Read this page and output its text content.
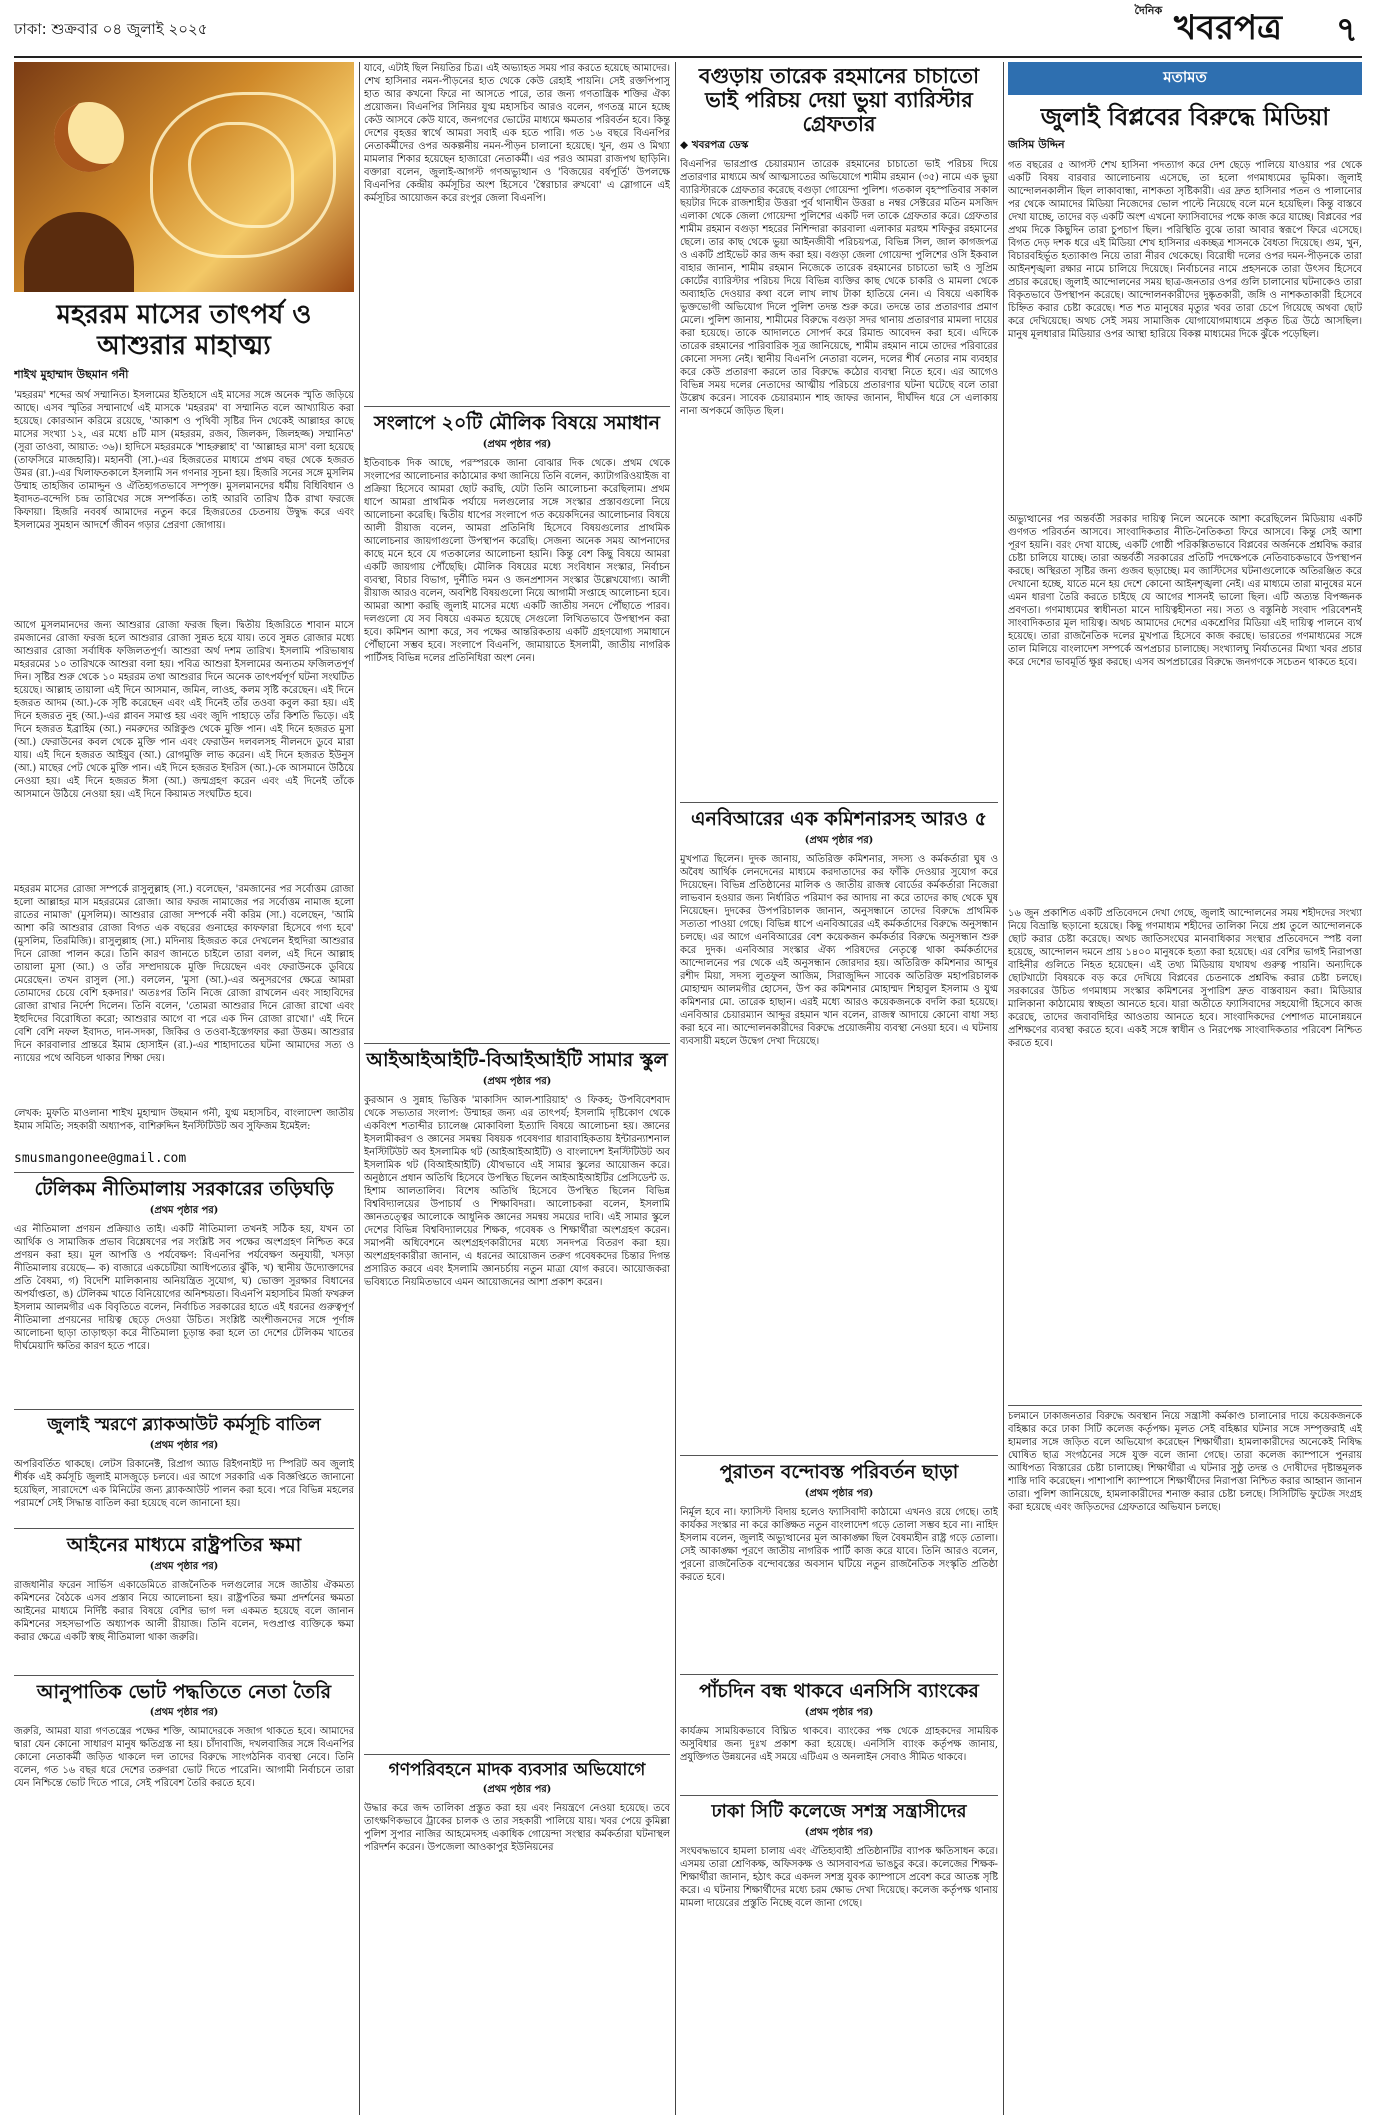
ঢাকা: শুক্রবার ০৪ জুলাই ২০২৫
$^{দৈনিক}$ খবরপত্র ৭
মহররম মাসের তাৎপর্য ও আশুরার মাহাত্ম্য
শাইখ মুহাম্মাদ উছমান গনী

'মহররম' শব্দের অর্থ সম্মানিত। ইসলামের ইতিহাসে এই মাসের সঙ্গে অনেক স্মৃতি জড়িয়ে আছে। এসব স্মৃতির সম্মানার্থে এই মাসকে 'মহররম' বা সম্মানিত বলে আখ্যায়িত করা হয়েছে। কোরআন করিমে রয়েছে, 'আকাশ ও পৃথিবী সৃষ্টির দিন থেকেই আল্লাহর কাছে মাসের সংখ্যা ১২, এর মধ্যে ৪টি মাস (মহররম, রজব, জিলকদ, জিলহজ্জ) সম্মানিত' (সুরা তাওবা, আয়াত: ৩৬)। হাদিসে মহররমকে 'শাহরুল্লাহ' বা 'আল্লাহর মাস' বলা হয়েছে (তাফসিরে মাজহারি)। মহানবী (সা.)-এর হিজরতের মাধ্যমে প্রথম বছর থেকে হজরত উমর (রা.)-এর খিলাফতকালে ইসলামি সন গণনার সূচনা হয়। হিজরি সনের সঙ্গে মুসলিম উম্মাহ তাহজিব তামাদ্দুন ও ঐতিহ্যগতভাবে সম্পৃক্ত। মুসলমানদের ধর্মীয় বিধিবিধান ও ইবাদত-বন্দেগি চন্দ্র তারিখের সঙ্গে সম্পর্কিত। তাই আরবি তারিখ ঠিক রাখা ফরজে কিফায়া। হিজরি নববর্ষ আমাদের নতুন করে হিজরতের চেতনায় উদ্বুদ্ধ করে এবং ইসলামের সুমহান আদর্শে জীবন গড়ার প্রেরণা জোগায়।

আগে মুসলমানদের জন্য আশুরার রোজা ফরজ ছিল। দ্বিতীয় হিজরিতে শাবান মাসে রমজানের রোজা ফরজ হলে আশুরার রোজা সুন্নত হয়ে যায়। তবে সুন্নত রোজার মধ্যে আশুরার রোজা সর্বাধিক ফজিলতপূর্ণ। আশুরা অর্থ দশম তারিখ। ইসলামি পরিভাষায় মহররমের ১০ তারিখকে আশুরা বলা হয়। পবিত্র আশুরা ইসলামের অন্যতম ফজিলতপূর্ণ দিন। সৃষ্টির শুরু থেকে ১০ মহররম তথা আশুরার দিনে অনেক তাৎপর্যপূর্ণ ঘটনা সংঘটিত হয়েছে। আল্লাহ তায়ালা এই দিনে আসমান, জমিন, লাওহ, কলম সৃষ্টি করেছেন। এই দিনে হজরত আদম (আ.)-কে সৃষ্টি করেছেন এবং এই দিনেই তাঁর তওবা কবুল করা হয়। এই দিনে হজরত নুহ (আ.)-এর প্লাবন সমাপ্ত হয় এবং জুদি পাহাড়ে তাঁর কিশতি ভিড়ে। এই দিনে হজরত ইব্রাহিম (আ.) নমরুদের অগ্নিকুণ্ড থেকে মুক্তি পান। এই দিনে হজরত মুসা (আ.) ফেরাউনের কবল থেকে মুক্তি পান এবং ফেরাউন দলবলসহ নীলনদে ডুবে মারা যায়। এই দিনে হজরত আইয়ুব (আ.) রোগমুক্তি লাভ করেন। এই দিনে হজরত ইউনুস (আ.) মাছের পেট থেকে মুক্তি পান। এই দিনে হজরত ইদরিস (আ.)-কে আসমানে উঠিয়ে নেওয়া হয়। এই দিনে হজরত ঈসা (আ.) জন্মগ্রহণ করেন এবং এই দিনেই তাঁকে আসমানে উঠিয়ে নেওয়া হয়। এই দিনে কিয়ামত সংঘটিত হবে।

মহররম মাসের রোজা সম্পর্কে রাসুলুল্লাহ (সা.) বলেছেন, 'রমজানের পর সর্বোত্তম রোজা হলো আল্লাহর মাস মহররমের রোজা। আর ফরজ নামাজের পর সর্বোত্তম নামাজ হলো রাতের নামাজ' (মুসলিম)। আশুরার রোজা সম্পর্কে নবী করিম (সা.) বলেছেন, 'আমি আশা করি আশুরার রোজা বিগত এক বছরের গুনাহের কাফফারা হিসেবে গণ্য হবে' (মুসলিম, তিরমিজি)। রাসুলুল্লাহ (সা.) মদিনায় হিজরত করে দেখলেন ইহুদিরা আশুরার দিনে রোজা পালন করে। তিনি কারণ জানতে চাইলে তারা বলল, এই দিনে আল্লাহ তায়ালা মুসা (আ.) ও তাঁর সম্প্রদায়কে মুক্তি দিয়েছেন এবং ফেরাউনকে ডুবিয়ে মেরেছেন। তখন রাসুল (সা.) বললেন, 'মুসা (আ.)-এর অনুসরণের ক্ষেত্রে আমরা তোমাদের চেয়ে বেশি হকদার।' অতঃপর তিনি নিজে রোজা রাখলেন এবং সাহাবিদের রোজা রাখার নির্দেশ দিলেন। তিনি বলেন, 'তোমরা আশুরার দিনে রোজা রাখো এবং ইহুদিদের বিরোধিতা করো; আশুরার আগে বা পরে এক দিন রোজা রাখো।' এই দিনে বেশি বেশি নফল ইবাদত, দান-সদকা, জিকির ও তওবা-ইস্তেগফার করা উত্তম। আশুরার দিনে কারবালার প্রান্তরে ইমাম হোসাইন (রা.)-এর শাহাদাতের ঘটনা আমাদের সত্য ও ন্যায়ের পথে অবিচল থাকার শিক্ষা দেয়।

লেখক: মুফতি মাওলানা শাইখ মুহাম্মাদ উছমান গনী, যুগ্ম মহাসচিব, বাংলাদেশ জাতীয় ইমাম সমিতি; সহকারী অধ্যাপক, বাশিরুদ্দিন ইনস্টিটিউট অব সুফিজম ইমেইল:

smusmangonee@gmail.com
টেলিকম নীতিমালায় সরকারের তড়িঘড়ি
(প্রথম পৃষ্ঠার পর)

এর নীতিমালা প্রণয়ন প্রক্রিয়াও তাই। একটি নীতিমালা তখনই সঠিক হয়, যখন তা আর্থিক ও সামাজিক প্রভাব বিশ্লেষণের পর সংশ্লিষ্ট সব পক্ষের অংশগ্রহণ নিশ্চিত করে প্রণয়ন করা হয়। মূল আপত্তি ও পর্যবেক্ষণ: বিএনপির পর্যবেক্ষণ অনুযায়ী, খসড়া নীতিমালায় রয়েছে— ক) বাজারে একচেটিয়া আধিপত্যের ঝুঁকি, খ) স্থানীয় উদ্যোক্তাদের প্রতি বৈষম্য, গ) বিদেশি মালিকানায় অনিয়ন্ত্রিত সুযোগ, ঘ) ভোক্তা সুরক্ষার বিধানের অপর্যাপ্ততা, ঙ) টেলিকম খাতে বিনিয়োগের অনিশ্চয়তা। বিএনপি মহাসচিব মির্জা ফখরুল ইসলাম আলমগীর এক বিবৃতিতে বলেন, নির্বাচিত সরকারের হাতে এই ধরনের গুরুত্বপূর্ণ নীতিমালা প্রণয়নের দায়িত্ব ছেড়ে দেওয়া উচিত। সংশ্লিষ্ট অংশীজনদের সঙ্গে পূর্ণাঙ্গ আলোচনা ছাড়া তাড়াহুড়া করে নীতিমালা চূড়ান্ত করা হলে তা দেশের টেলিকম খাতের দীর্ঘমেয়াদি ক্ষতির কারণ হতে পারে।

জুলাই স্মরণে ব্ল্যাকআউট কর্মসূচি বাতিল
(প্রথম পৃষ্ঠার পর)

অপরিবর্তিত থাকছে। লেটস রিকানেক্ট, রিপ্রাগ অ্যাড রিইগনাইট দ্য স্পিরিট অব জুলাই শীর্ষক এই কর্মসূচি জুলাই মাসজুড়ে চলবে। এর আগে সরকারি এক বিজ্ঞপ্তিতে জানানো হয়েছিল, সারাদেশে এক মিনিটের জন্য ব্ল্যাকআউট পালন করা হবে। পরে বিভিন্ন মহলের পরামর্শে সেই সিদ্ধান্ত বাতিল করা হয়েছে বলে জানানো হয়।

আইনের মাধ্যমে রাষ্ট্রপতির ক্ষমা
(প্রথম পৃষ্ঠার পর)

রাজধানীর ফরেন সার্ভিস একাডেমিতে রাজনৈতিক দলগুলোর সঙ্গে জাতীয় ঐকমত্য কমিশনের বৈঠকে এসব প্রস্তাব নিয়ে আলোচনা হয়। রাষ্ট্রপতির ক্ষমা প্রদর্শনের ক্ষমতা আইনের মাধ্যমে নির্দিষ্ট করার বিষয়ে বেশির ভাগ দল একমত হয়েছে বলে জানান কমিশনের সহসভাপতি অধ্যাপক আলী রীয়াজ। তিনি বলেন, দণ্ডপ্রাপ্ত ব্যক্তিকে ক্ষমা করার ক্ষেত্রে একটি স্বচ্ছ নীতিমালা থাকা জরুরি।

আনুপাতিক ভোট পদ্ধতিতে নেতা তৈরি
(প্রথম পৃষ্ঠার পর)

জরুরি, আমরা যারা গণতন্ত্রের পক্ষের শক্তি, আমাদেরকে সজাগ থাকতে হবে। আমাদের দ্বারা যেন কোনো সাধারণ মানুষ ক্ষতিগ্রস্ত না হয়। চাঁদাবাজি, দখলবাজির সঙ্গে বিএনপির কোনো নেতাকর্মী জড়িত থাকলে দল তাদের বিরুদ্ধে সাংগঠনিক ব্যবস্থা নেবে। তিনি বলেন, গত ১৬ বছর ধরে দেশের তরুণরা ভোট দিতে পারেনি। আগামী নির্বাচনে তারা যেন নিশ্চিন্তে ভোট দিতে পারে, সেই পরিবেশ তৈরি করতে হবে।

যাবে, এটাই ছিল নিয়তির চিত্র। এই অভ্যাহত সময় পার করতে হয়েছে আমাদের। শেখ হাসিনার নমন-পীড়নের হাত থেকে কেউ রেহাই পায়নি। সেই রক্তপিপাসু হাত আর কখনো ফিরে না আসতে পারে, তার জন্য গণতান্ত্রিক শক্তির ঐক্য প্রয়োজন। বিএনপির সিনিয়র যুগ্ম মহাসচিব আরও বলেন, গণতন্ত্র মানে হচ্ছে কেউ আসবে কেউ যাবে, জনগণের ভোটের মাধ্যমে ক্ষমতার পরিবর্তন হবে। কিন্তু দেশের বৃহত্তর স্বার্থে আমরা সবাই এক হতে পারি। গত ১৬ বছরে বিএনপির নেতাকর্মীদের ওপর অকল্পনীয় নমন-পীড়ন চালানো হয়েছে। খুন, গুম ও মিথ্যা মামলার শিকার হয়েছেন হাজারো নেতাকর্মী। এর পরও আমরা রাজপথ ছাড়িনি। বক্তারা বলেন, জুলাই-আগস্ট গণঅভ্যুত্থান ও 'বিজয়ের বর্ষপূর্তি' উপলক্ষে বিএনপির কেন্দ্রীয় কর্মসূচির অংশ হিসেবে 'স্বৈরাচার রুখবো' এ স্লোগানে এই কর্মসূচির আয়োজন করে রংপুর জেলা বিএনপি।

সংলাপে ২০টি মৌলিক বিষয়ে সমাধান
(প্রথম পৃষ্ঠার পর)

ইতিবাচক দিক আছে, পরস্পরকে জানা বোঝার দিক থেকে। প্রথম থেকে সংলাপের আলোচনার কাঠামোর কথা জানিয়ে তিনি বলেন, ক্যাটাগরিওয়াইজ বা প্রক্রিয়া হিসেবে আমরা ছোট করছি, যেটা তিনি আলোচনা করেছিলাম। প্রথম ধাপে আমরা প্রাথমিক পর্যায়ে দলগুলোর সঙ্গে সংস্কার প্রস্তাবগুলো নিয়ে আলোচনা করেছি। দ্বিতীয় ধাপের সংলাপে গত কয়েকদিনের আলোচনার বিষয়ে আলী রীয়াজ বলেন, আমরা প্রতিনিধি হিসেবে বিষয়গুলোর প্রাথমিক আলোচনার জায়গাগুলো উপস্থাপন করেছি। সেজন্য অনেক সময় আপনাদের কাছে মনে হবে যে গতকালের আলোচনা হয়নি। কিন্তু বেশ কিছু বিষয়ে আমরা একটি জায়গায় পৌঁছেছি। মৌলিক বিষয়ের মধ্যে সংবিধান সংস্কার, নির্বাচন ব্যবস্থা, বিচার বিভাগ, দুর্নীতি দমন ও জনপ্রশাসন সংস্কার উল্লেখযোগ্য। আলী রীয়াজ আরও বলেন, অবশিষ্ট বিষয়গুলো নিয়ে আগামী সপ্তাহে আলোচনা হবে। আমরা আশা করছি জুলাই মাসের মধ্যে একটি জাতীয় সনদে পৌঁছাতে পারব। দলগুলো যে সব বিষয়ে একমত হয়েছে সেগুলো লিখিতভাবে উপস্থাপন করা হবে। কমিশন আশা করে, সব পক্ষের আন্তরিকতায় একটি গ্রহণযোগ্য সমাধানে পৌঁছানো সম্ভব হবে। সংলাপে বিএনপি, জামায়াতে ইসলামী, জাতীয় নাগরিক পার্টিসহ বিভিন্ন দলের প্রতিনিধিরা অংশ নেন।

আইআইআইটি-বিআইআইটি সামার স্কুল
(প্রথম পৃষ্ঠার পর)

কুরআন ও সুন্নাহ ভিত্তিক 'মাকাসিদ আল-শারিয়াহ' ও ফিকহ; উপবিবেশবাদ থেকে সভ্যতার সংলাপ: উম্মাহর জন্য এর তাৎপর্য; ইসলামি দৃষ্টিকোণ থেকে একবিংশ শতাব্দীর চ্যালেঞ্জ মোকাবিলা ইত্যাদি বিষয়ে আলোচনা হয়। জ্ঞানের ইসলামীকরণ ও জ্ঞানের সমন্বয় বিষয়ক গবেষণার ধারাবাহিকতায় ইন্টারন্যাশনাল ইনস্টিটিউট অব ইসলামিক থট (আইআইআইটি) ও বাংলাদেশ ইনস্টিটিউট অব ইসলামিক থট (বিআইআইটি) যৌথভাবে এই সামার স্কুলের আয়োজন করে। অনুষ্ঠানে প্রধান অতিথি হিসেবে উপস্থিত ছিলেন আইআইআইটির প্রেসিডেন্ট ড. হিশাম আলতালিব। বিশেষ অতিথি হিসেবে উপস্থিত ছিলেন বিভিন্ন বিশ্ববিদ্যালয়ের উপাচার্য ও শিক্ষাবিদরা। আলোচকরা বলেন, ইসলামি জ্ঞানতত্ত্বের আলোকে আধুনিক জ্ঞানের সমন্বয় সময়ের দাবি। এই সামার স্কুলে দেশের বিভিন্ন বিশ্ববিদ্যালয়ের শিক্ষক, গবেষক ও শিক্ষার্থীরা অংশগ্রহণ করেন। সমাপনী অধিবেশনে অংশগ্রহণকারীদের মধ্যে সনদপত্র বিতরণ করা হয়। অংশগ্রহণকারীরা জানান, এ ধরনের আয়োজন তরুণ গবেষকদের চিন্তার দিগন্ত প্রসারিত করবে এবং ইসলামি জ্ঞানচর্চায় নতুন মাত্রা যোগ করবে। আয়োজকরা ভবিষ্যতে নিয়মিতভাবে এমন আয়োজনের আশা প্রকাশ করেন।

গণপরিবহনে মাদক ব্যবসার অভিযোগে
(প্রথম পৃষ্ঠার পর)

উদ্ধার করে জব্দ তালিকা প্রস্তুত করা হয় এবং নিয়ন্ত্রণে নেওয়া হয়েছে। তবে তাৎক্ষণিকভাবে ট্রাকের চালক ও তার সহকারী পালিয়ে যায়। খবর পেয়ে কুমিল্লা পুলিশ সুপার নাজির আহমেদসহ একাধিক গোয়েন্দা সংস্থার কর্মকর্তারা ঘটনাস্থল পরিদর্শন করেন। উপজেলা আওকাপুর ইউনিয়নের

বগুড়ায় তারেক রহমানের চাচাতো ভাই পরিচয় দেয়া ভুয়া ব্যারিস্টার গ্রেফতার
◆ খবরপত্র ডেস্ক

বিএনপির ভারপ্রাপ্ত চেয়ারম্যান তারেক রহমানের চাচাতো ভাই পরিচয় দিয়ে প্রতারণার মাধ্যমে অর্থ আত্মসাতের অভিযোগে শামীম রহমান (৩৫) নামে এক ভুয়া ব্যারিস্টারকে গ্রেফতার করেছে বগুড়া গোয়েন্দা পুলিশ। গতকাল বৃহস্পতিবার সকাল ছয়টার দিকে রাজশাহীর উত্তরা পুর্ব থানাধীন উত্তরা ৪ নম্বর সেক্টরের মতিন মসজিদ এলাকা থেকে জেলা গোয়েন্দা পুলিশের একটি দল তাকে গ্রেফতার করে। গ্রেফতার শামীম রহমান বগুড়া শহরের নিশিন্দারা কারবালা এলাকার মরহুম শফিকুর রহমানের ছেলে। তার কাছ থেকে ভুয়া আইনজীবী পরিচয়পত্র, বিভিন্ন সিল, জাল কাগজপত্র ও একটি প্রাইভেট কার জব্দ করা হয়। বগুড়া জেলা গোয়েন্দা পুলিশের ওসি ইকবাল বাহার জানান, শামীম রহমান নিজেকে তারেক রহমানের চাচাতো ভাই ও সুপ্রিম কোর্টের ব্যারিস্টার পরিচয় দিয়ে বিভিন্ন ব্যক্তির কাছ থেকে চাকরি ও মামলা থেকে অব্যাহতি দেওয়ার কথা বলে লাখ লাখ টাকা হাতিয়ে নেন। এ বিষয়ে একাধিক ভুক্তভোগী অভিযোগ দিলে পুলিশ তদন্ত শুরু করে। তদন্তে তার প্রতারণার প্রমাণ মেলে। পুলিশ জানায়, শামীমের বিরুদ্ধে বগুড়া সদর থানায় প্রতারণার মামলা দায়ের করা হয়েছে। তাকে আদালতে সোপর্দ করে রিমান্ড আবেদন করা হবে। এদিকে তারেক রহমানের পারিবারিক সূত্র জানিয়েছে, শামীম রহমান নামে তাদের পরিবারের কোনো সদস্য নেই। স্থানীয় বিএনপি নেতারা বলেন, দলের শীর্ষ নেতার নাম ব্যবহার করে কেউ প্রতারণা করলে তার বিরুদ্ধে কঠোর ব্যবস্থা নিতে হবে। এর আগেও বিভিন্ন সময় দলের নেতাদের আত্মীয় পরিচয়ে প্রতারণার ঘটনা ঘটেছে বলে তারা উল্লেখ করেন। সাবেক চেয়ারম্যান শাহ জাফর জানান, দীর্ঘদিন ধরে সে এলাকায় নানা অপকর্মে জড়িত ছিল।

এনবিআরের এক কমিশনারসহ আরও ৫
(প্রথম পৃষ্ঠার পর)

মুখপাত্র ছিলেন। দুদক জানায়, অতিরিক্ত কমিশনার, সদস্য ও কর্মকর্তারা ঘুষ ও অবৈধ আর্থিক লেনদেনের মাধ্যমে করদাতাদের কর ফাঁকি দেওয়ার সুযোগ করে দিয়েছেন। বিভিন্ন প্রতিষ্ঠানের মালিক ও জাতীয় রাজস্ব বোর্ডের কর্মকর্তারা নিজেরা লাভবান হওয়ার জন্য নির্ধারিত পরিমাণ কর আদায় না করে তাদের কাছ থেকে ঘুষ নিয়েছেন। দুদকের উপপরিচালক জানান, অনুসন্ধানে তাদের বিরুদ্ধে প্রাথমিক সত্যতা পাওয়া গেছে। বিভিন্ন ধাপে এনবিআরের এই কর্মকর্তাদের বিরুদ্ধে অনুসন্ধান চলছে। এর আগে এনবিআরের বেশ কয়েকজন কর্মকর্তার বিরুদ্ধে অনুসন্ধান শুরু করে দুদক। এনবিআর সংস্কার ঐক্য পরিষদের নেতৃত্বে থাকা কর্মকর্তাদের আন্দোলনের পর থেকে এই অনুসন্ধান জোরদার হয়। অতিরিক্ত কমিশনার আব্দুর রশীদ মিয়া, সদস্য লুতফুল আজিম, সিরাজুদ্দিন সাবেক অতিরিক্ত মহাপরিচালক মোহাম্মদ আলমগীর হোসেন, উপ কর কমিশনার মোহাম্মদ শিহাবুল ইসলাম ও যুগ্ম কমিশনার মো. তারেক হাছান। এরই মধ্যে আরও কয়েকজনকে বদলি করা হয়েছে। এনবিআর চেয়ারম্যান আব্দুর রহমান খান বলেন, রাজস্ব আদায়ে কোনো বাধা সহ্য করা হবে না। আন্দোলনকারীদের বিরুদ্ধে প্রয়োজনীয় ব্যবস্থা নেওয়া হবে। এ ঘটনায় ব্যবসায়ী মহলে উদ্বেগ দেখা দিয়েছে।

পুরাতন বন্দোবস্ত পরিবর্তন ছাড়া
(প্রথম পৃষ্ঠার পর)

নির্মূল হবে না। ফ্যাসিস্ট বিদায় হলেও ফ্যাসিবাদী কাঠামো এখনও রয়ে গেছে। তাই কার্যকর সংস্কার না করে কাঙ্ক্ষিত নতুন বাংলাদেশ গড়ে তোলা সম্ভব হবে না। নাহিদ ইসলাম বলেন, জুলাই অভ্যুত্থানের মূল আকাঙ্ক্ষা ছিল বৈষম্যহীন রাষ্ট্র গড়ে তোলা। সেই আকাঙ্ক্ষা পূরণে জাতীয় নাগরিক পার্টি কাজ করে যাবে। তিনি আরও বলেন, পুরনো রাজনৈতিক বন্দোবস্তের অবসান ঘটিয়ে নতুন রাজনৈতিক সংস্কৃতি প্রতিষ্ঠা করতে হবে।

পাঁচদিন বন্ধ থাকবে এনসিসি ব্যাংকের
(প্রথম পৃষ্ঠার পর)

কার্যক্রম সাময়িকভাবে বিঘ্নিত থাকবে। ব্যাংকের পক্ষ থেকে গ্রাহকদের সাময়িক অসুবিধার জন্য দুঃখ প্রকাশ করা হয়েছে। এনসিসি ব্যাংক কর্তৃপক্ষ জানায়, প্রযুক্তিগত উন্নয়নের এই সময়ে এটিএম ও অনলাইন সেবাও সীমিত থাকবে।

ঢাকা সিটি কলেজে সশস্ত্র সন্ত্রাসীদের
(প্রথম পৃষ্ঠার পর)

সংঘবদ্ধভাবে হামলা চালায় এবং ঐতিহ্যবাহী প্রতিষ্ঠানটির ব্যাপক ক্ষতিসাধন করে। এসময় তারা শ্রেণিকক্ষ, অফিসকক্ষ ও আসবাবপত্র ভাঙচুর করে। কলেজের শিক্ষক-শিক্ষার্থীরা জানান, হঠাৎ করে একদল সশস্ত্র যুবক ক্যাম্পাসে প্রবেশ করে আতঙ্ক সৃষ্টি করে। এ ঘটনায় শিক্ষার্থীদের মধ্যে চরম ক্ষোভ দেখা দিয়েছে। কলেজ কর্তৃপক্ষ থানায় মামলা দায়েরের প্রস্তুতি নিচ্ছে বলে জানা গেছে।

মতামত
জুলাই বিপ্লবের বিরুদ্ধে মিডিয়া
জসিম উদ্দিন

গত বছরের ৫ আগস্ট শেখ হাসিনা পদত্যাগ করে দেশ ছেড়ে পালিয়ে যাওয়ার পর থেকে একটি বিষয় বারবার আলোচনায় এসেছে, তা হলো গণমাধ্যমের ভূমিকা। জুলাই আন্দোলনকালীন ছিল লাকাবান্ধা, নাশকতা সৃষ্টিকারী। এর দ্রুত হাসিনার পতন ও পালানোর পর থেকে আমাদের মিডিয়া নিজেদের ভোল পাল্টে নিয়েছে বলে মনে হয়েছিল। কিন্তু বাস্তবে দেখা যাচ্ছে, তাদের বড় একটি অংশ এখনো ফ্যাসিবাদের পক্ষে কাজ করে যাচ্ছে। বিপ্লবের পর প্রথম দিকে কিছুদিন তারা চুপচাপ ছিল। পরিস্থিতি বুঝে তারা আবার স্বরূপে ফিরে এসেছে। বিগত দেড় দশক ধরে এই মিডিয়া শেখ হাসিনার একচ্ছত্র শাসনকে বৈধতা দিয়েছে। গুম, খুন, বিচারবহির্ভূত হত্যাকাণ্ড নিয়ে তারা নীরব থেকেছে। বিরোধী দলের ওপর দমন-পীড়নকে তারা আইনশৃঙ্খলা রক্ষার নামে চালিয়ে দিয়েছে। নির্বাচনের নামে প্রহসনকে তারা উৎসব হিসেবে প্রচার করেছে। জুলাই আন্দোলনের সময় ছাত্র-জনতার ওপর গুলি চালানোর ঘটনাকেও তারা বিকৃতভাবে উপস্থাপন করেছে। আন্দোলনকারীদের দুষ্কৃতকারী, জঙ্গি ও নাশকতাকারী হিসেবে চিহ্নিত করার চেষ্টা করেছে। শত শত মানুষের মৃত্যুর খবর তারা চেপে গিয়েছে অথবা ছোট করে দেখিয়েছে। অথচ সেই সময় সামাজিক যোগাযোগমাধ্যমে প্রকৃত চিত্র উঠে আসছিল। মানুষ মূলধারার মিডিয়ার ওপর আস্থা হারিয়ে বিকল্প মাধ্যমের দিকে ঝুঁকে পড়েছিল।

অভ্যুত্থানের পর অন্তর্বর্তী সরকার দায়িত্ব নিলে অনেকে আশা করেছিলেন মিডিয়ায় একটি গুণগত পরিবর্তন আসবে। সাংবাদিকতার নীতি-নৈতিকতা ফিরে আসবে। কিন্তু সেই আশা পূরণ হয়নি। বরং দেখা যাচ্ছে, একটি গোষ্ঠী পরিকল্পিতভাবে বিপ্লবের অর্জনকে প্রশ্নবিদ্ধ করার চেষ্টা চালিয়ে যাচ্ছে। তারা অন্তর্বর্তী সরকারের প্রতিটি পদক্ষেপকে নেতিবাচকভাবে উপস্থাপন করছে। অস্থিরতা সৃষ্টির জন্য গুজব ছড়াচ্ছে। মব জাস্টিসের ঘটনাগুলোকে অতিরঞ্জিত করে দেখানো হচ্ছে, যাতে মনে হয় দেশে কোনো আইনশৃঙ্খলা নেই। এর মাধ্যমে তারা মানুষের মনে এমন ধারণা তৈরি করতে চাইছে যে আগের শাসনই ভালো ছিল। এটি অত্যন্ত বিপজ্জনক প্রবণতা। গণমাধ্যমের স্বাধীনতা মানে দায়িত্বহীনতা নয়। সত্য ও বস্তুনিষ্ঠ সংবাদ পরিবেশনই সাংবাদিকতার মূল দায়িত্ব। অথচ আমাদের দেশের একশ্রেণির মিডিয়া এই দায়িত্ব পালনে ব্যর্থ হয়েছে। তারা রাজনৈতিক দলের মুখপাত্র হিসেবে কাজ করছে। ভারতের গণমাধ্যমের সঙ্গে তাল মিলিয়ে বাংলাদেশ সম্পর্কে অপপ্রচার চালাচ্ছে। সংখ্যালঘু নির্যাতনের মিথ্যা খবর প্রচার করে দেশের ভাবমূর্তি ক্ষুণ্ণ করছে। এসব অপপ্রচারের বিরুদ্ধে জনগণকে সচেতন থাকতে হবে।

১৬ জুন প্রকাশিত একটি প্রতিবেদনে দেখা গেছে, জুলাই আন্দোলনের সময় শহীদদের সংখ্যা নিয়ে বিভ্রান্তি ছড়ানো হয়েছে। কিছু গণমাধ্যম শহীদের তালিকা নিয়ে প্রশ্ন তুলে আন্দোলনকে ছোট করার চেষ্টা করেছে। অথচ জাতিসংঘের মানবাধিকার সংস্থার প্রতিবেদনে স্পষ্ট বলা হয়েছে, আন্দোলন দমনে প্রায় ১৪০০ মানুষকে হত্যা করা হয়েছে। এর বেশির ভাগই নিরাপত্তা বাহিনীর গুলিতে নিহত হয়েছেন। এই তথ্য মিডিয়ায় যথাযথ গুরুত্ব পায়নি। অন্যদিকে ছোটখাটো বিষয়কে বড় করে দেখিয়ে বিপ্লবের চেতনাকে প্রশ্নবিদ্ধ করার চেষ্টা চলছে। সরকারের উচিত গণমাধ্যম সংস্কার কমিশনের সুপারিশ দ্রুত বাস্তবায়ন করা। মিডিয়ার মালিকানা কাঠামোয় স্বচ্ছতা আনতে হবে। যারা অতীতে ফ্যাসিবাদের সহযোগী হিসেবে কাজ করেছে, তাদের জবাবদিহির আওতায় আনতে হবে। সাংবাদিকদের পেশাগত মানোন্নয়নে প্রশিক্ষণের ব্যবস্থা করতে হবে। একই সঙ্গে স্বাধীন ও নিরপেক্ষ সাংবাদিকতার পরিবেশ নিশ্চিত করতে হবে।

চলমানে ঢাকাজনতার বিরুদ্ধে অবস্থান নিয়ে সন্ত্রাসী কর্মকাণ্ড চালানোর দায়ে কয়েকজনকে বহিষ্কার করে ঢাকা সিটি কলেজ কর্তৃপক্ষ। মূলত সেই বহিষ্কার ঘটনার সঙ্গে সম্পৃক্তরাই এই হামলার সঙ্গে জড়িত বলে অভিযোগ করেছেন শিক্ষার্থীরা। হামলাকারীদের অনেকেই নিষিদ্ধ ঘোষিত ছাত্র সংগঠনের সঙ্গে যুক্ত বলে জানা গেছে। তারা কলেজ ক্যাম্পাসে পুনরায় আধিপত্য বিস্তারের চেষ্টা চালাচ্ছে। শিক্ষার্থীরা এ ঘটনার সুষ্ঠু তদন্ত ও দোষীদের দৃষ্টান্তমূলক শাস্তি দাবি করেছেন। পাশাপাশি ক্যাম্পাসে শিক্ষার্থীদের নিরাপত্তা নিশ্চিত করার আহ্বান জানান তারা। পুলিশ জানিয়েছে, হামলাকারীদের শনাক্ত করার চেষ্টা চলছে। সিসিটিভি ফুটেজ সংগ্রহ করা হয়েছে এবং জড়িতদের গ্রেফতারে অভিযান চলছে।
